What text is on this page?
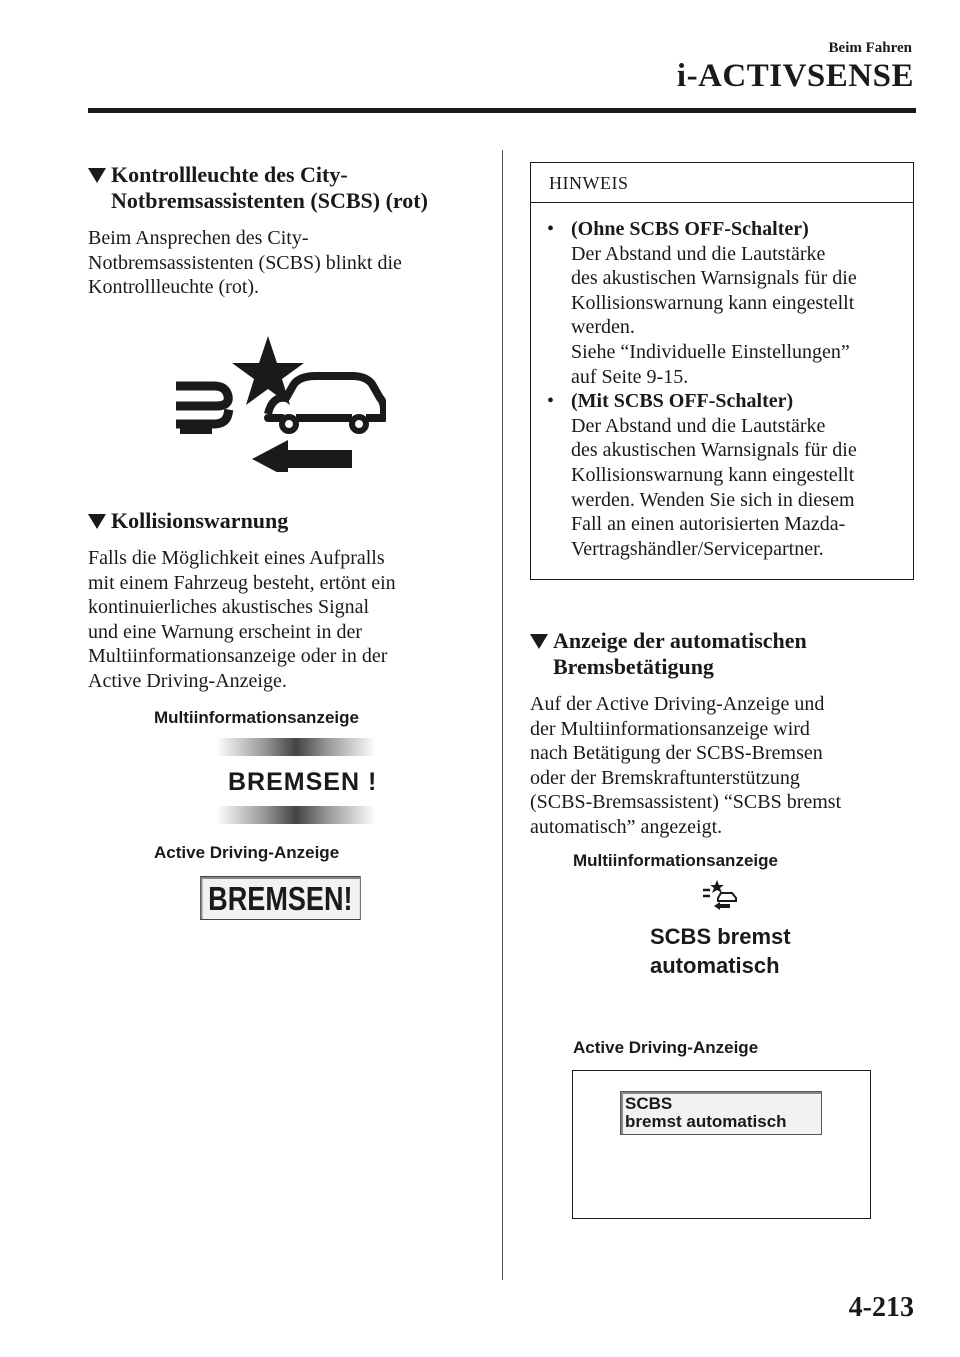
Beim Fahren
i-ACTIVSENSE
Kontrollleuchte des City-
Notbremsassistenten (SCBS) (rot)
Beim Ansprechen des City-
Notbremsassistenten (SCBS) blinkt die
Kontrollleuchte (rot).
Kollisionswarnung
Falls die Möglichkeit eines Aufpralls
mit einem Fahrzeug besteht, ertönt ein
kontinuierliches akustisches Signal
und eine Warnung erscheint in der
Multiinformationsanzeige oder in der
Active Driving-Anzeige.
Multiinformationsanzeige
BREMSEN !
Active Driving-Anzeige
BREMSEN!
HINWEIS
• (Ohne SCBS OFF-Schalter)
Der Abstand und die Lautstärke
des akustischen Warnsignals für die
Kollisionswarnung kann eingestellt
werden.
Siehe “Individuelle Einstellungen”
auf Seite 9-15.
• (Mit SCBS OFF-Schalter)
Der Abstand und die Lautstärke
des akustischen Warnsignals für die
Kollisionswarnung kann eingestellt
werden. Wenden Sie sich in diesem
Fall an einen autorisierten Mazda-
Vertragshändler/Servicepartner.
Anzeige der automatischen
Bremsbetätigung
Auf der Active Driving-Anzeige und
der Multiinformationsanzeige wird
nach Betätigung der SCBS-Bremsen
oder der Bremskraftunterstützung
(SCBS-Bremsassistent) “SCBS bremst
automatisch” angezeigt.
Multiinformationsanzeige
SCBS bremst
automatisch
Active Driving-Anzeige
SCBS
bremst automatisch
4-213
